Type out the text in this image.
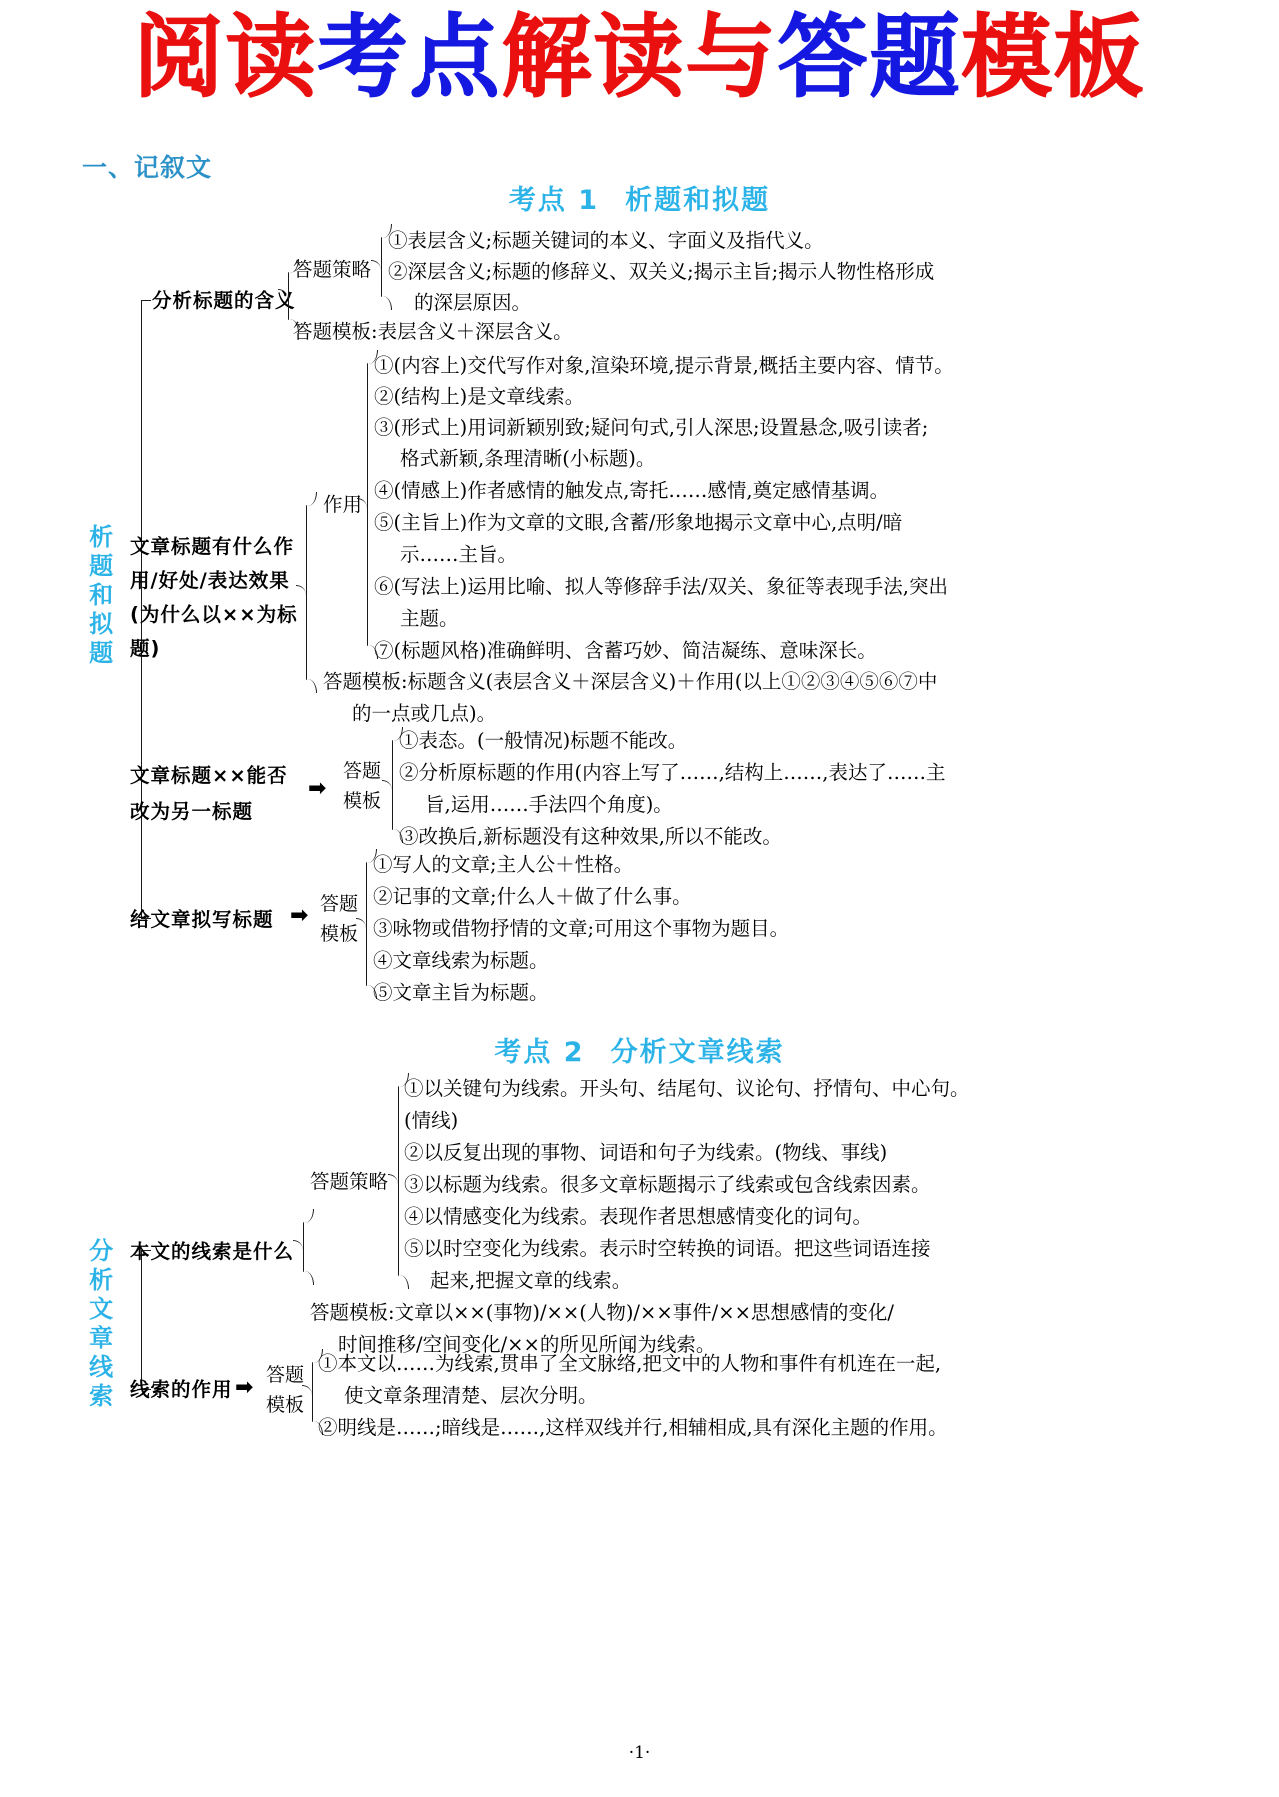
阅读考点解读与答题模板
一、记叙文
考点 1 析题和拟题
析题和拟题
分析标题的含义
答题策略
①表层含义;标题关键词的本义、字面义及指代义。
②深层含义;标题的修辞义、双关义;揭示主旨;揭示人物性格形成
的深层原因。
答题模板:表层含义＋深层含义。
文章标题有什么作
用/好处/表达效果
(为什么以××为标
题)
作用
①(内容上)交代写作对象,渲染环境,提示背景,概括主要内容、情节。
②(结构上)是文章线索。
③(形式上)用词新颖别致;疑问句式,引人深思;设置悬念,吸引读者;
格式新颖,条理清晰(小标题)。
④(情感上)作者感情的触发点,寄托……感情,奠定感情基调。
⑤(主旨上)作为文章的文眼,含蓄/形象地揭示文章中心,点明/暗
示……主旨。
⑥(写法上)运用比喻、拟人等修辞手法/双关、象征等表现手法,突出
主题。
⑦(标题风格)准确鲜明、含蓄巧妙、简洁凝练、意味深长。
答题模板:标题含义(表层含义＋深层含义)＋作用(以上①②③④⑤⑥⑦中
的一点或几点)。
文章标题××能否
改为另一标题
➡
答题
模板
①表态。(一般情况)标题不能改。
②分析原标题的作用(内容上写了……,结构上……,表达了……主
旨,运用……手法四个角度)。
③改换后,新标题没有这种效果,所以不能改。
给文章拟写标题 ➡ 答题
模板
①写人的文章;主人公＋性格。
②记事的文章;什么人＋做了什么事。
③咏物或借物抒情的文章;可用这个事物为题目。
④文章线索为标题。
⑤文章主旨为标题。
考点 2 分析文章线索
分析文章线索 本文的线索是什么
答题策略
①以关键句为线索。开头句、结尾句、议论句、抒情句、中心句。
(情线)
②以反复出现的事物、词语和句子为线索。(物线、事线)
③以标题为线索。很多文章标题揭示了线索或包含线索因素。
④以情感变化为线索。表现作者思想感情变化的词句。
⑤以时空变化为线索。表示时空转换的词语。把这些词语连接
起来,把握文章的线索。
答题模板:文章以××(事物)/××(人物)/××事件/××思想感情的变化/
时间推移/空间变化/××的所见所闻为线索。
线索的作用 ➡ 答题
模板
①本文以……为线索,贯串了全文脉络,把文中的人物和事件有机连在一起,
使文章条理清楚、层次分明。
②明线是……;暗线是……,这样双线并行,相辅相成,具有深化主题的作用。
·1·
